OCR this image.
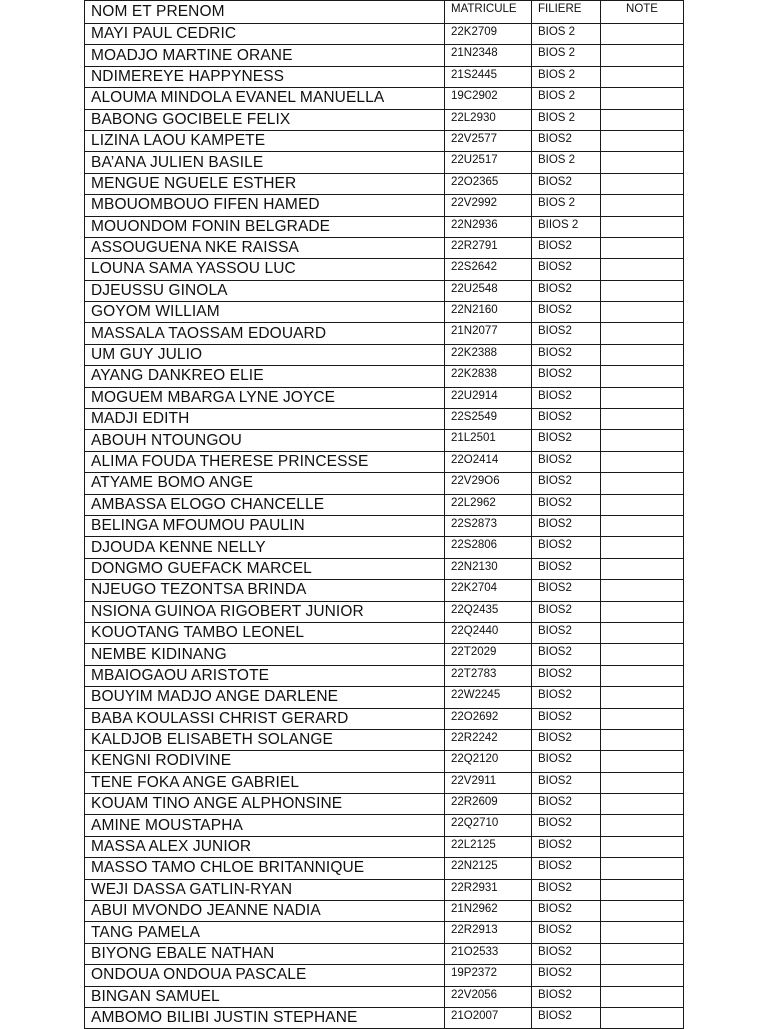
NOM ET PRENOM	MATRICULE	FILIERE	NOTE
MAYI PAUL CEDRIC	22K2709	BIOS 2	
MOADJO MARTINE ORANE	21N2348	BIOS 2	
NDIMEREYE HAPPYNESS	21S2445	BIOS 2	
ALOUMA MINDOLA EVANEL MANUELLA	19C2902	BIOS 2	
BABONG GOCIBELE FELIX	22L2930	BIOS 2	
LIZINA LAOU KAMPETE	22V2577	BIOS2	
BA’ANA JULIEN BASILE	22U2517	BIOS 2	
MENGUE NGUELE ESTHER	22O2365	BIOS2	
MBOUOMBOUO FIFEN HAMED	22V2992	BIOS 2	
MOUONDOM FONIN BELGRADE	22N2936	BIIOS 2	
ASSOUGUENA NKE RAISSA	22R2791	BIOS2	
LOUNA SAMA YASSOU LUC	22S2642	BIOS2	
DJEUSSU GINOLA	22U2548	BIOS2	
GOYOM WILLIAM	22N2160	BIOS2	
MASSALA TAOSSAM EDOUARD	21N2077	BIOS2	
UM GUY JULIO	22K2388	BIOS2	
AYANG DANKREO ELIE	22K2838	BIOS2	
MOGUEM MBARGA LYNE JOYCE	22U2914	BIOS2	
MADJI EDITH	22S2549	BIOS2	
ABOUH NTOUNGOU	21L2501	BIOS2	
ALIMA FOUDA THERESE PRINCESSE	22O2414	BIOS2	
ATYAME BOMO ANGE	22V29O6	BIOS2	
AMBASSA ELOGO CHANCELLE	22L2962	BIOS2	
BELINGA MFOUMOU PAULIN	22S2873	BIOS2	
DJOUDA KENNE NELLY	22S2806	BIOS2	
DONGMO GUEFACK MARCEL	22N2130	BIOS2	
NJEUGO TEZONTSA BRINDA	22K2704	BIOS2	
NSIONA GUINOA RIGOBERT JUNIOR	22Q2435	BIOS2	
KOUOTANG TAMBO LEONEL	22Q2440	BIOS2	
NEMBE KIDINANG	22T2029	BIOS2	
MBAIOGAOU ARISTOTE	22T2783	BIOS2	
BOUYIM MADJO ANGE DARLENE	22W2245	BIOS2	
BABA KOULASSI CHRIST GERARD	22O2692	BIOS2	
KALDJOB ELISABETH SOLANGE	22R2242	BIOS2	
KENGNI RODIVINE	22Q2120	BIOS2	
TENE FOKA ANGE GABRIEL	22V2911	BIOS2	
KOUAM TINO ANGE ALPHONSINE	22R2609	BIOS2	
AMINE MOUSTAPHA	22Q2710	BIOS2	
MASSA ALEX JUNIOR	22L2125	BIOS2	
MASSO TAMO CHLOE BRITANNIQUE	22N2125	BIOS2	
WEJI DASSA GATLIN-RYAN	22R2931	BIOS2	
ABUI MVONDO JEANNE NADIA	21N2962	BIOS2	
TANG PAMELA	22R2913	BIOS2	
BIYONG EBALE NATHAN	21O2533	BIOS2	
ONDOUA ONDOUA PASCALE	19P2372	BIOS2	
BINGAN SAMUEL	22V2056	BIOS2	
AMBOMO BILIBI JUSTIN STEPHANE	21O2007	BIOS2	
